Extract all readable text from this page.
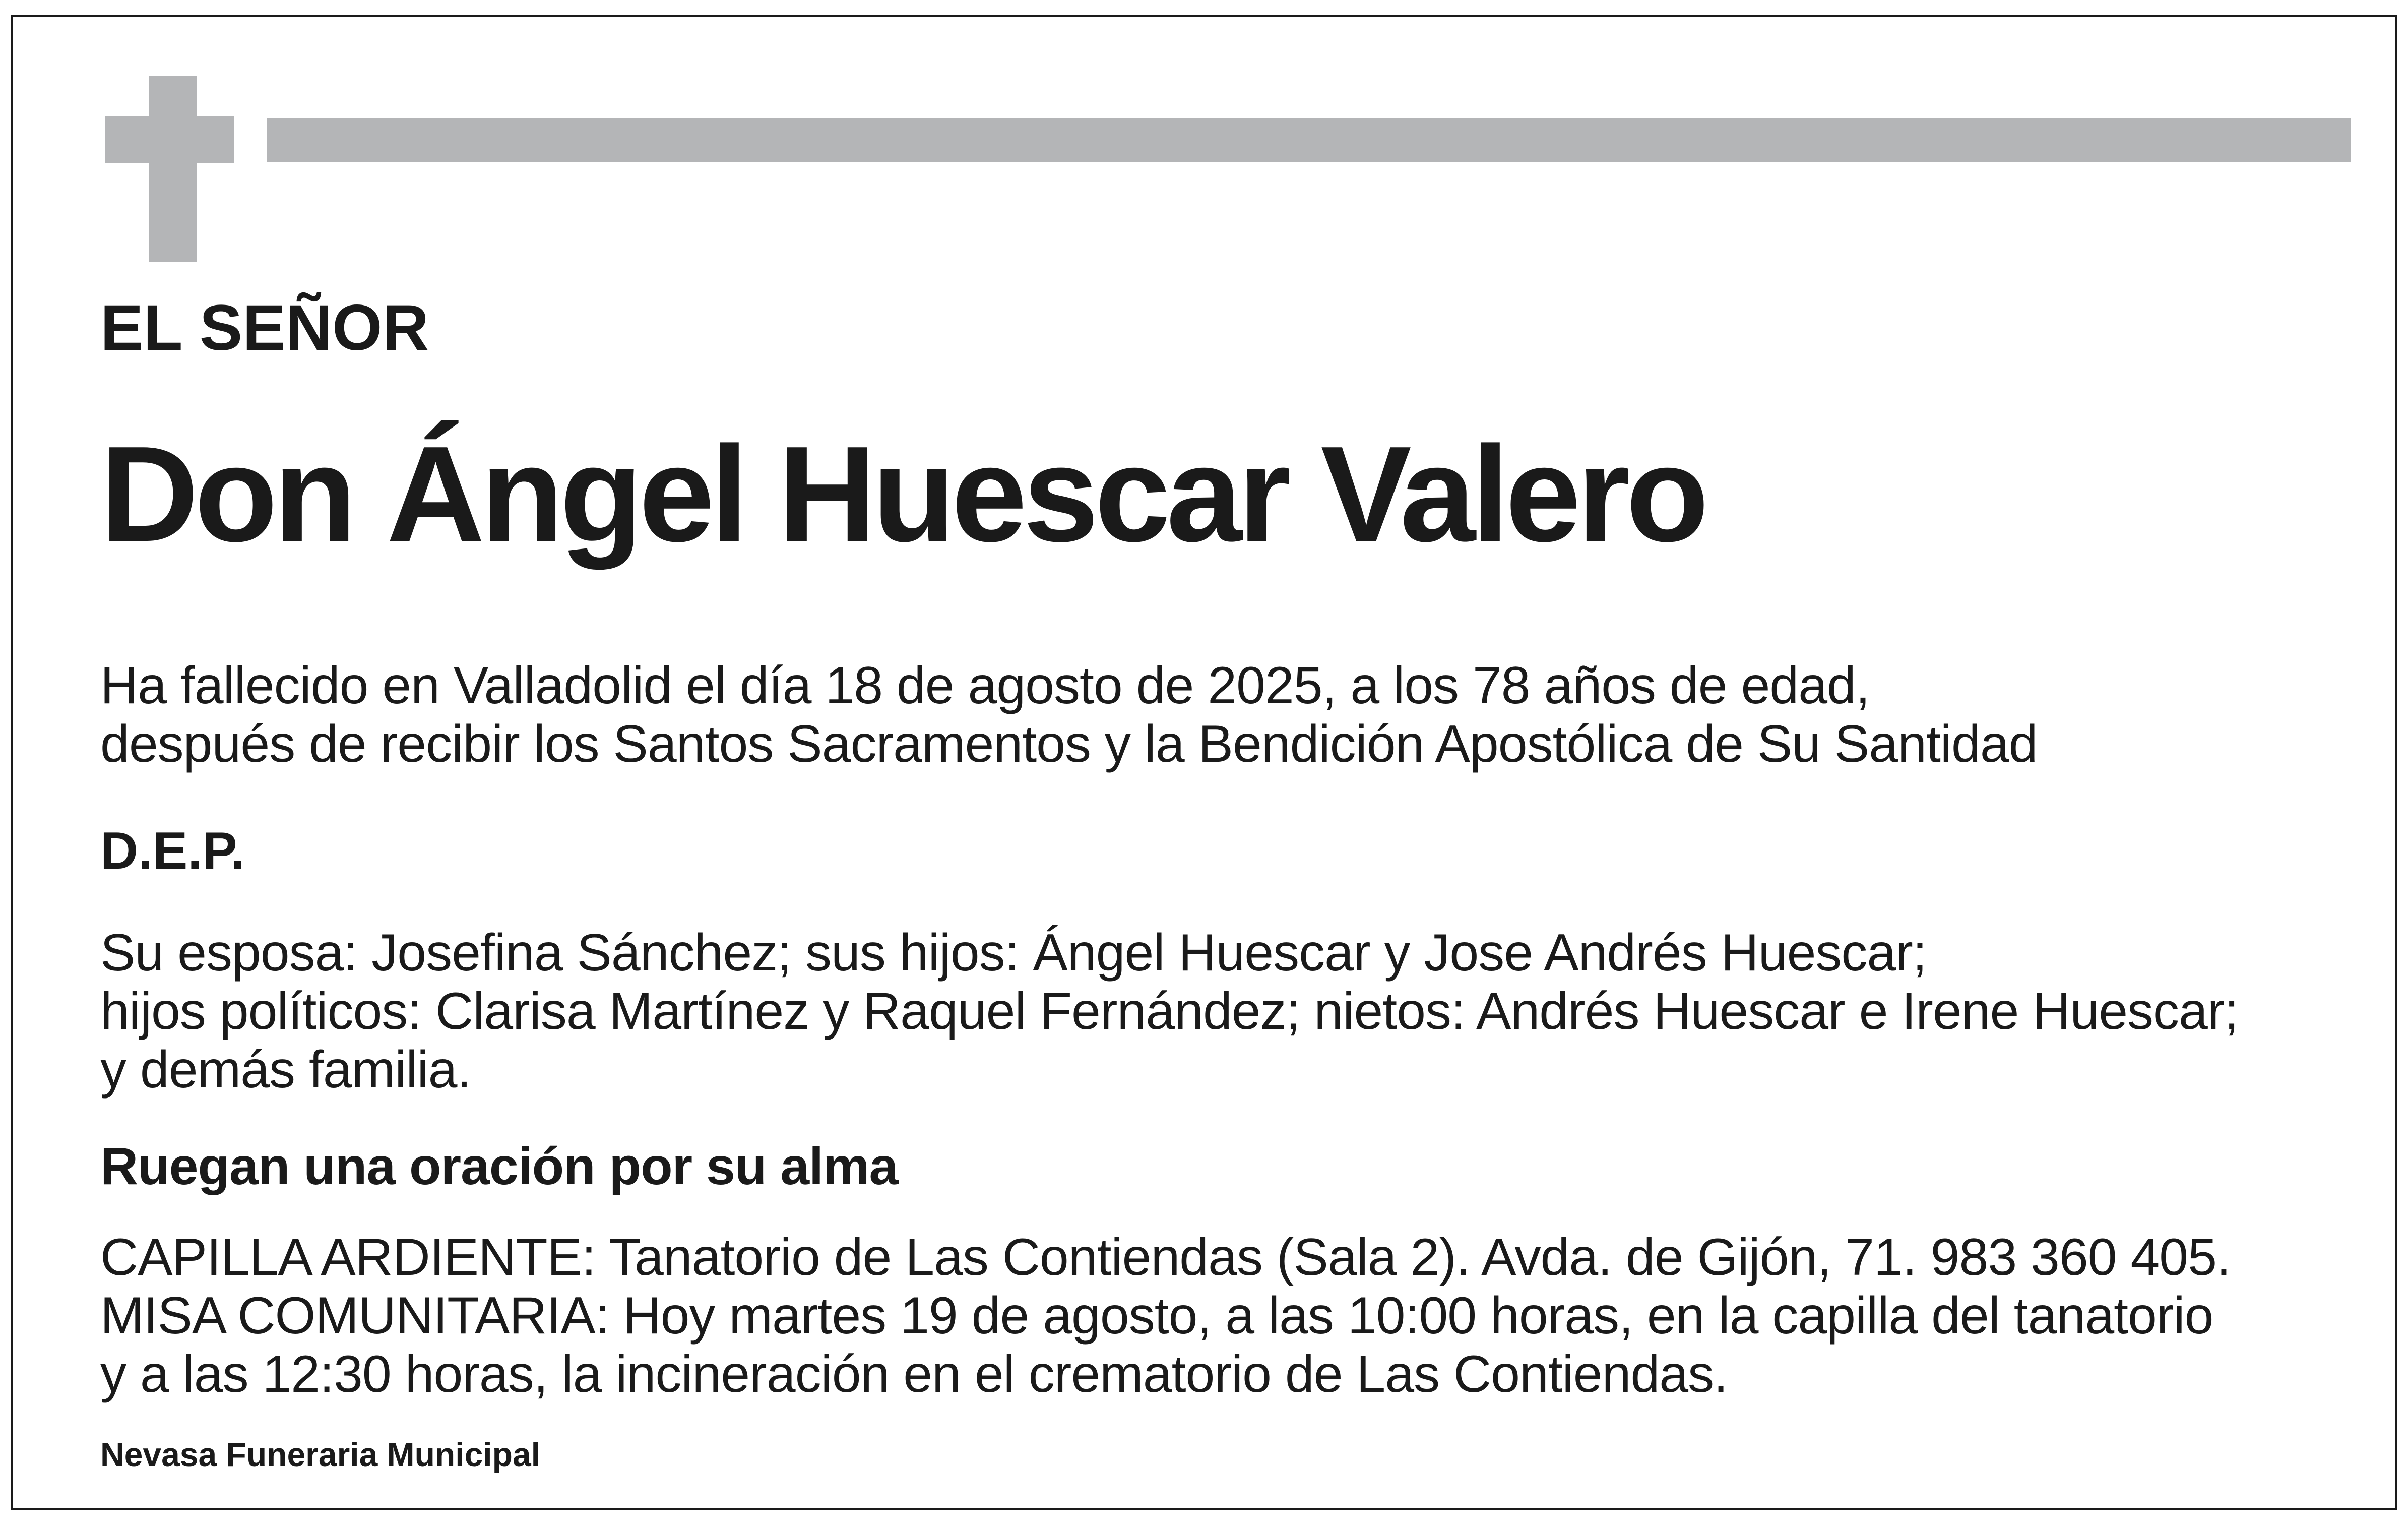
EL SEÑOR

Don Ángel Huescar Valero

Ha fallecido en Valladolid el día 18 de agosto de 2025, a los 78 años de edad,

después de recibir los Santos Sacramentos y la Bendición Apostólica de Su Santidad

D.E.P.

Su esposa: Josefina Sánchez; sus hijos: Ángel Huescar y Jose Andrés Huescar;

hijos políticos: Clarisa Martínez y Raquel Fernández; nietos: Andrés Huescar e Irene Huescar;

y demás familia.

Ruegan una oración por su alma

CAPILLA ARDIENTE: Tanatorio de Las Contiendas (Sala 2). Avda. de Gijón, 71. 983 360 405.

MISA COMUNITARIA: Hoy martes 19 de agosto, a las 10:00 horas, en la capilla del tanatorio

y a las 12:30 horas, la incineración en el crematorio de Las Contiendas.

Nevasa Funeraria Municipal
